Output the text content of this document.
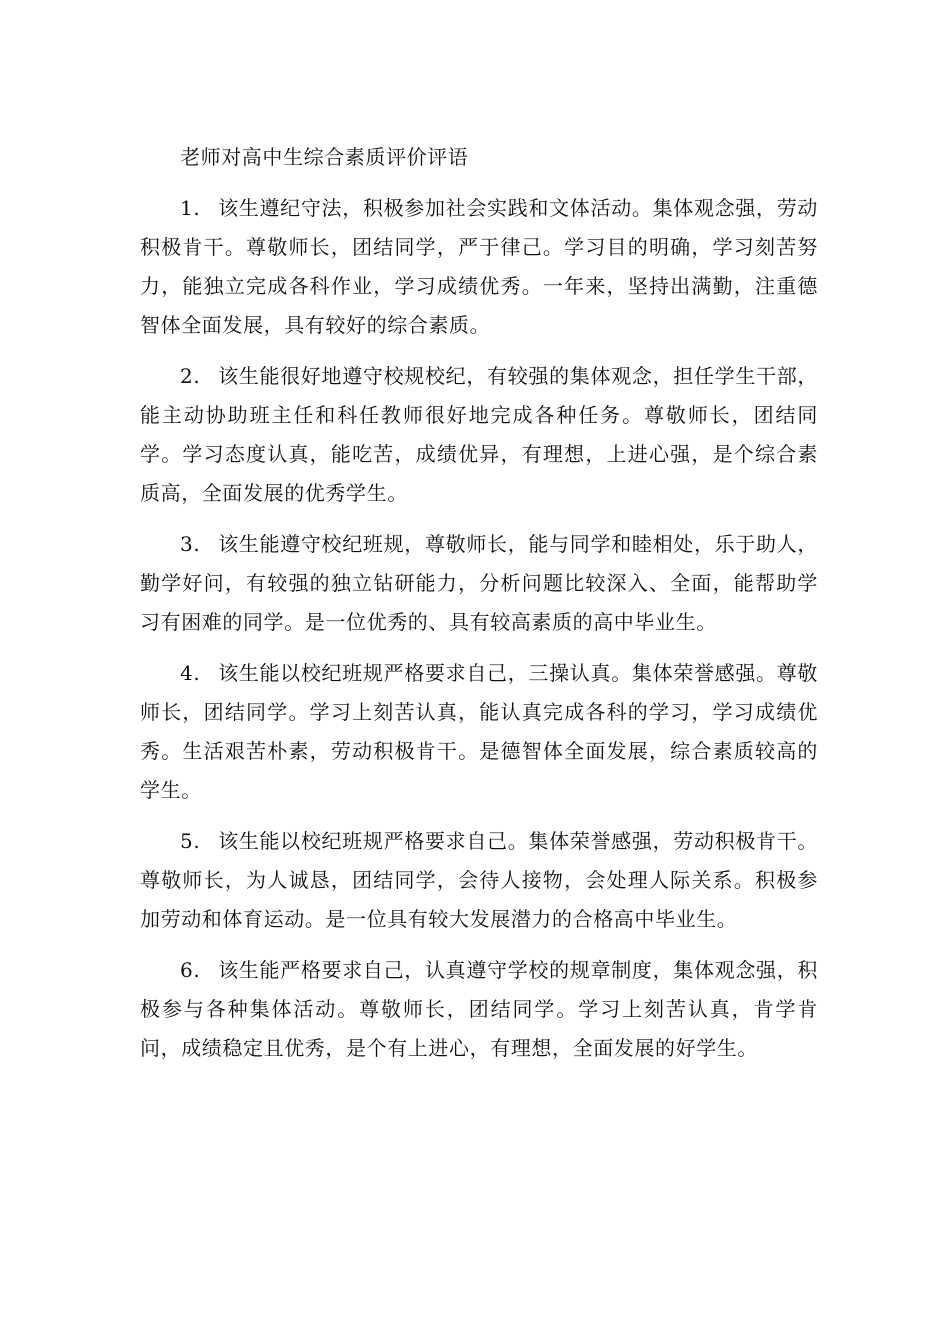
老师对高中生综合素质评价评语

1. 该生遵纪守法，积极参加社会实践和文体活动。集体观念强，劳动积极肯干。尊敬师长，团结同学，严于律己。学习目的明确，学习刻苦努力，能独立完成各科作业，学习成绩优秀。一年来，坚持出满勤，注重德智体全面发展，具有较好的综合素质。

2. 该生能很好地遵守校规校纪，有较强的集体观念，担任学生干部，能主动协助班主任和科任教师很好地完成各种任务。尊敬师长，团结同学。学习态度认真，能吃苦，成绩优异，有理想，上进心强，是个综合素质高，全面发展的优秀学生。

3. 该生能遵守校纪班规，尊敬师长，能与同学和睦相处，乐于助人，勤学好问，有较强的独立钻研能力，分析问题比较深入、全面，能帮助学习有困难的同学。是一位优秀的、具有较高素质的高中毕业生。

4. 该生能以校纪班规严格要求自己，三操认真。集体荣誉感强。尊敬师长，团结同学。学习上刻苦认真，能认真完成各科的学习，学习成绩优秀。生活艰苦朴素，劳动积极肯干。是德智体全面发展，综合素质较高的学生。

5. 该生能以校纪班规严格要求自己。集体荣誉感强，劳动积极肯干。尊敬师长，为人诚恳，团结同学，会待人接物，会处理人际关系。积极参加劳动和体育运动。是一位具有较大发展潜力的合格高中毕业生。

6. 该生能严格要求自己，认真遵守学校的规章制度，集体观念强，积极参与各种集体活动。尊敬师长，团结同学。学习上刻苦认真，肯学肯问，成绩稳定且优秀，是个有上进心，有理想，全面发展的好学生。
